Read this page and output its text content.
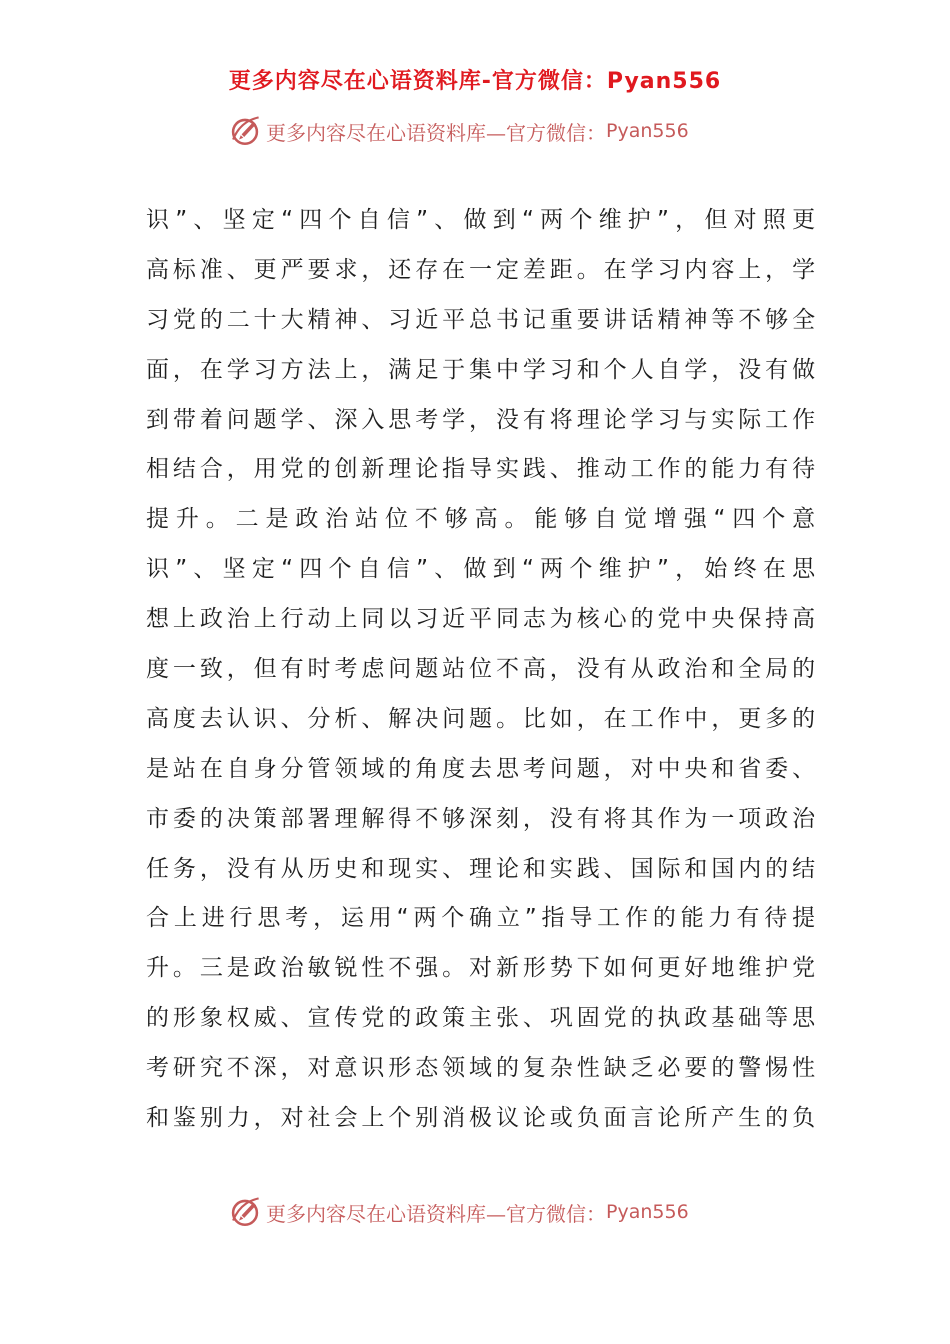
更多内容尽在心语资料库-官方微信：Pyan556
更多内容尽在心语资料库—官方微信： Pyan556
识”、坚定“四个自信”、做到“两个维护”，但对照更
高标准、更严要求，还存在一定差距。在学习内容上，学
习党的二十大精神、习近平总书记重要讲话精神等不够全
面，在学习方法上，满足于集中学习和个人自学，没有做
到带着问题学、深入思考学，没有将理论学习与实际工作
相结合，用党的创新理论指导实践、推动工作的能力有待
提升。二是政治站位不够高。能够自觉增强“四个意
识”、坚定“四个自信”、做到“两个维护”，始终在思
想上政治上行动上同以习近平同志为核心的党中央保持高
度一致，但有时考虑问题站位不高，没有从政治和全局的
高度去认识、分析、解决问题。比如，在工作中，更多的
是站在自身分管领域的角度去思考问题，对中央和省委、
市委的决策部署理解得不够深刻，没有将其作为一项政治
任务，没有从历史和现实、理论和实践、国际和国内的结
合上进行思考，运用“两个确立”指导工作的能力有待提
升。三是政治敏锐性不强。对新形势下如何更好地维护党
的形象权威、宣传党的政策主张、巩固党的执政基础等思
考研究不深，对意识形态领域的复杂性缺乏必要的警惕性
和鉴别力，对社会上个别消极议论或负面言论所产生的负
更多内容尽在心语资料库—官方微信： Pyan556
